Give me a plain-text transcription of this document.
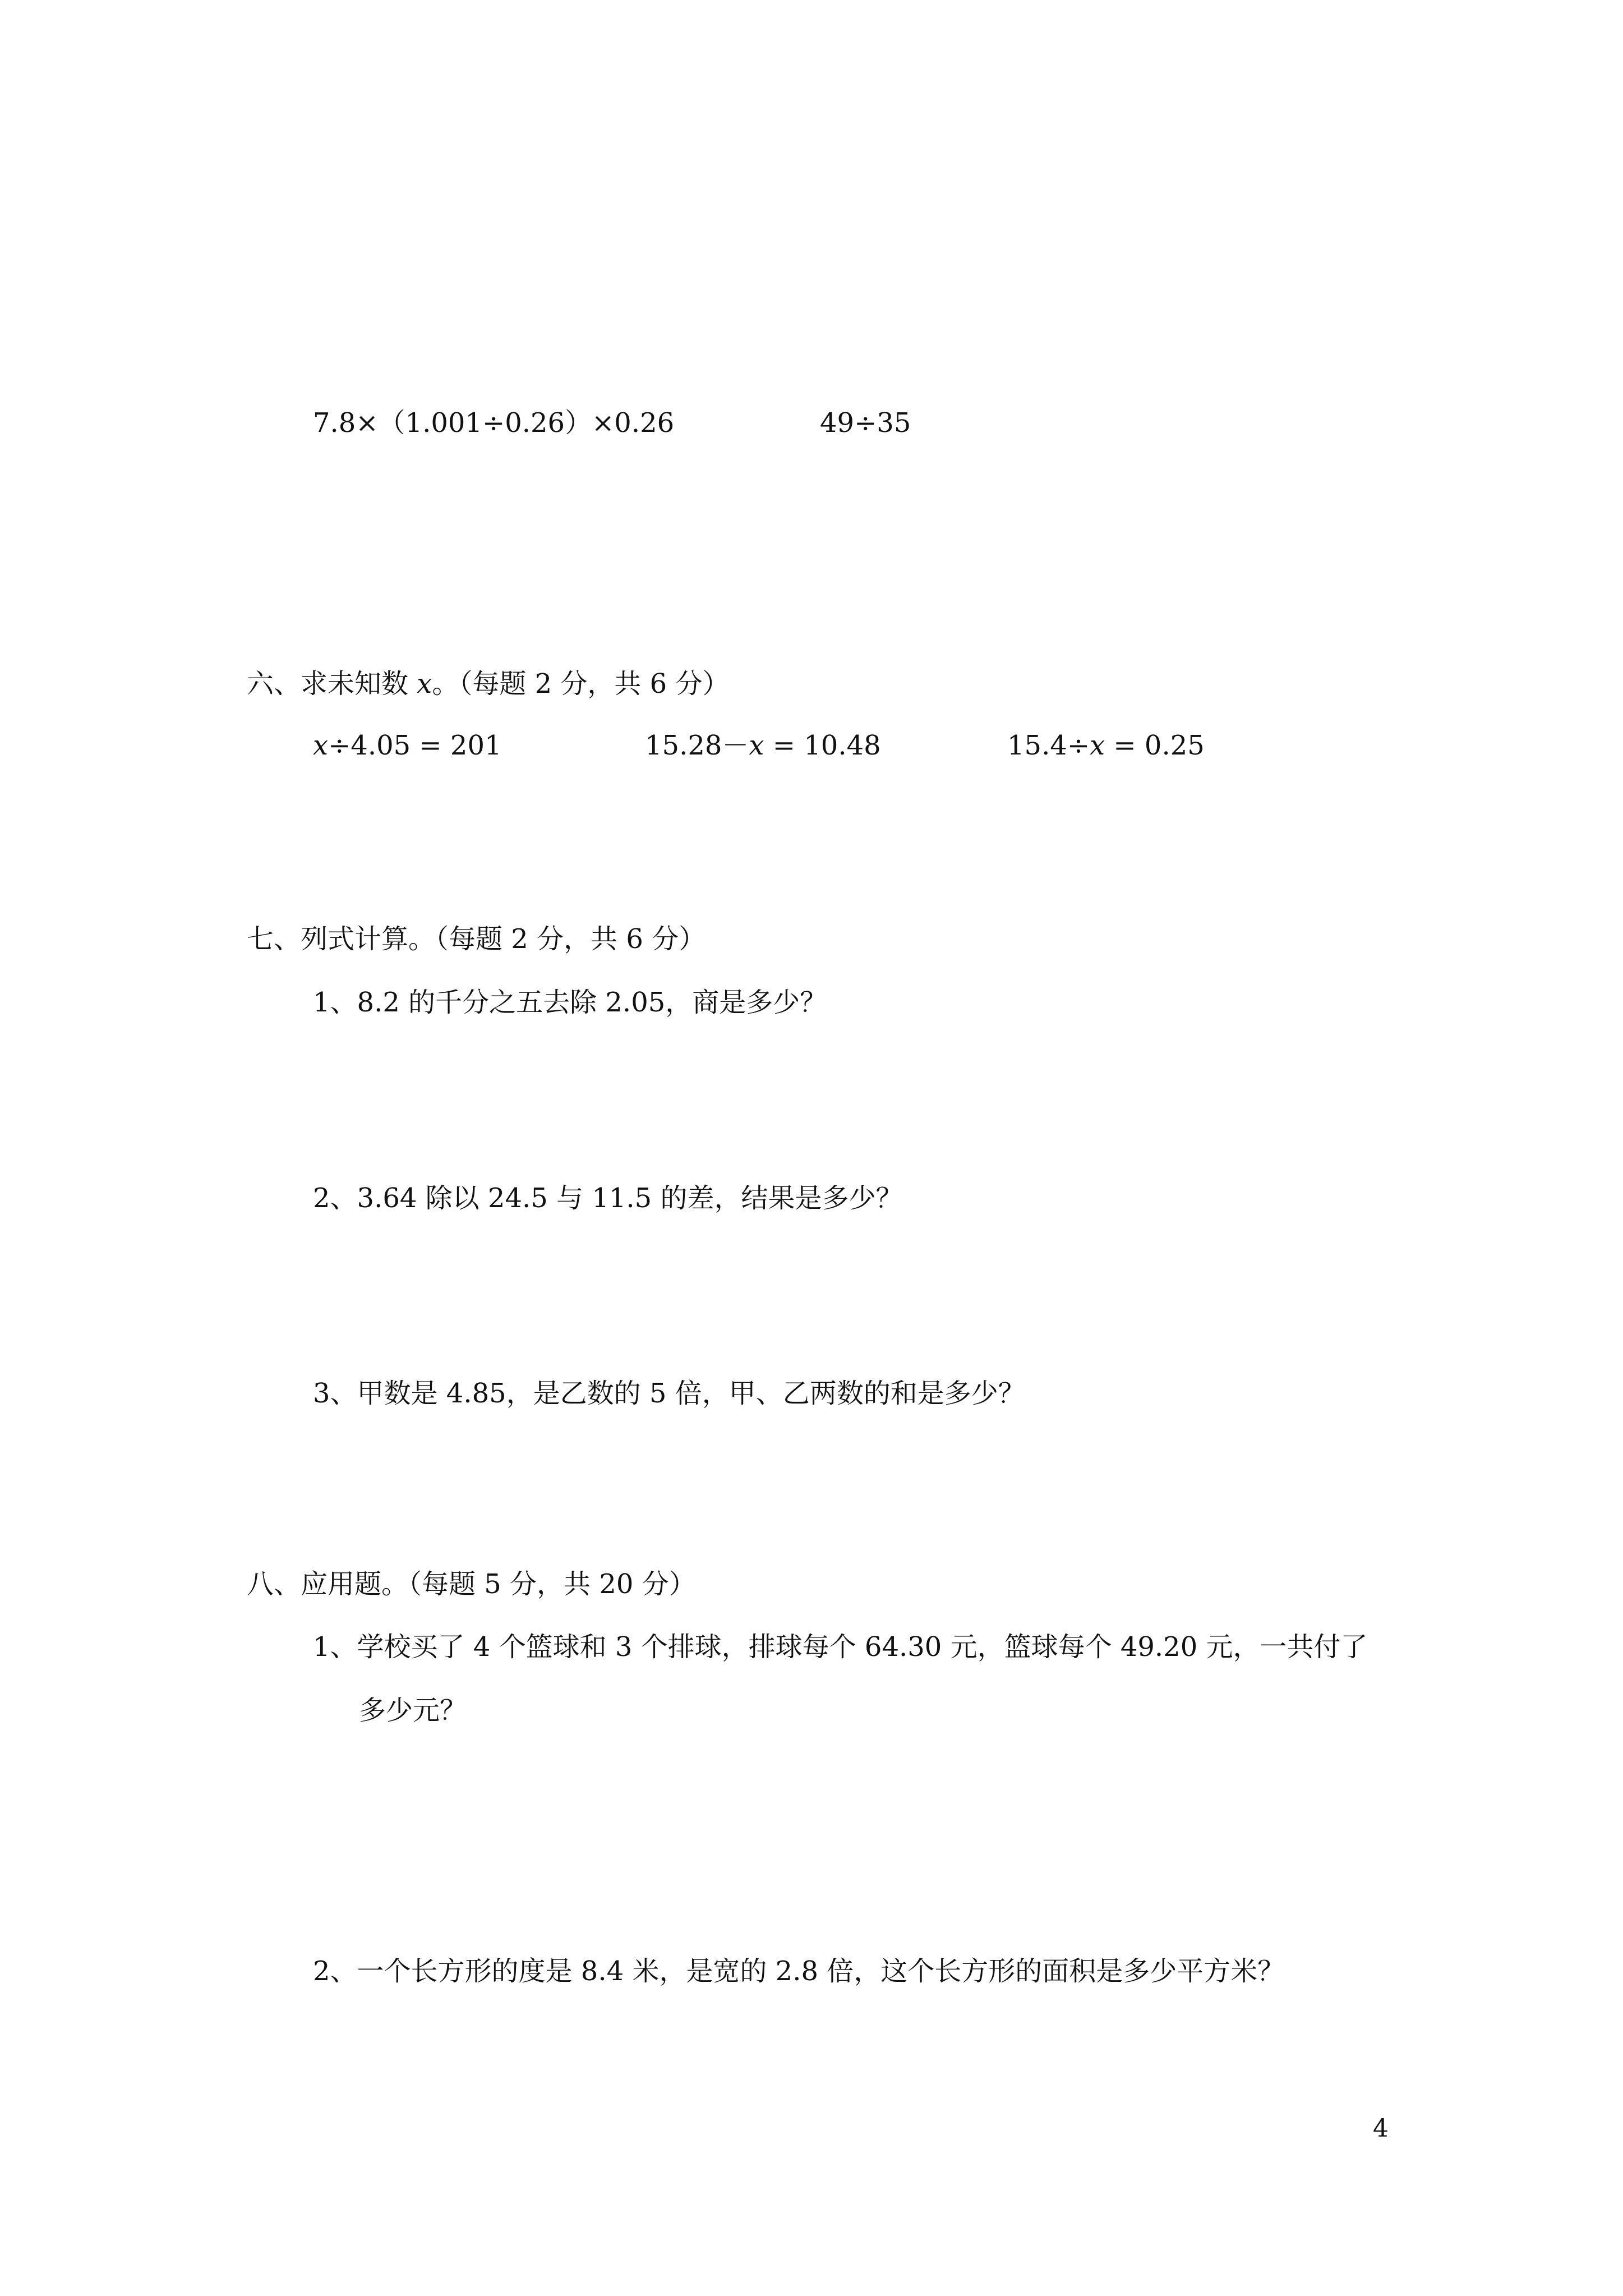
7.8×（1.001÷0.26）×0.26	49÷35
六、求未知数 x。（每题 2 分，共 6 分）
x÷4.05 = 201	15.28－x = 10.48	15.4÷x = 0.25
七、列式计算。（每题 2 分，共 6 分）
1、8.2 的千分之五去除 2.05，商是多少？
2、3.64 除以 24.5 与 11.5 的差，结果是多少？
3、甲数是 4.85，是乙数的 5 倍，甲、乙两数的和是多少？
八、应用题。（每题 5 分，共 20 分）
1、学校买了 4 个篮球和 3 个排球，排球每个 64.30 元，篮球每个 49.20 元，一共付了
多少元？
2、一个长方形的度是 8.4 米，是宽的 2.8 倍，这个长方形的面积是多少平方米？
4
